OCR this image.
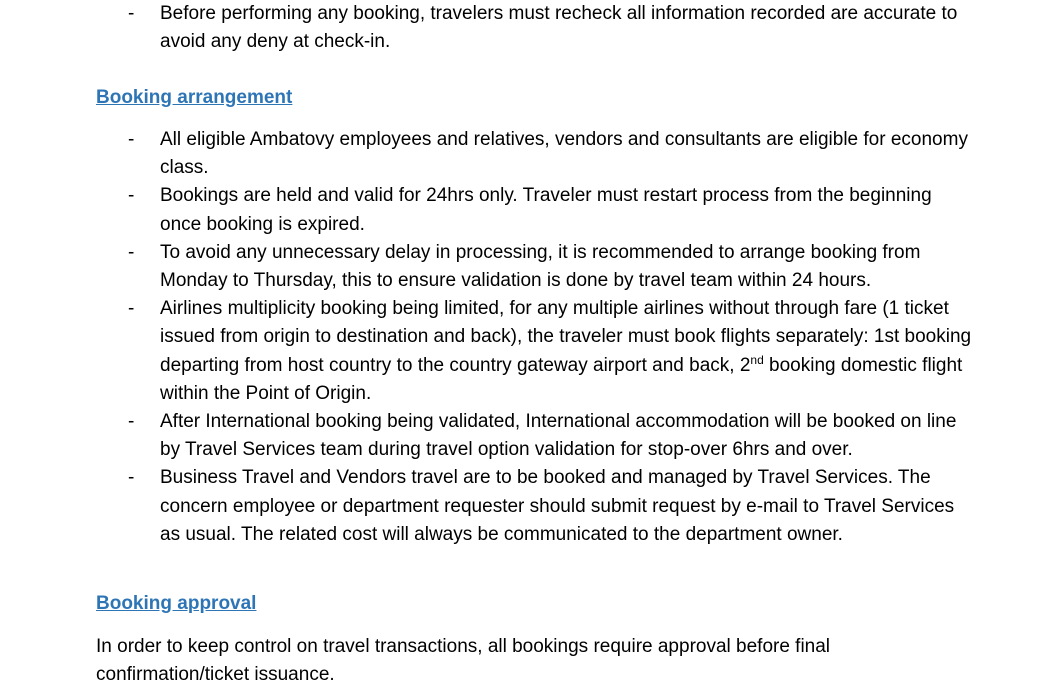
- Before performing any booking, travelers must recheck all information recorded are accurate to avoid any deny at check-in.
Booking arrangement
- All eligible Ambatovy employees and relatives, vendors and consultants are eligible for economy class.
- Bookings are held and valid for 24hrs only. Traveler must restart process from the beginning once booking is expired.
- To avoid any unnecessary delay in processing, it is recommended to arrange booking from Monday to Thursday, this to ensure validation is done by travel team within 24 hours.
- Airlines multiplicity booking being limited, for any multiple airlines without through fare (1 ticket issued from origin to destination and back), the traveler must book flights separately: 1st booking departing from host country to the country gateway airport and back, 2nd booking domestic flight within the Point of Origin.
- After International booking being validated, International accommodation will be booked on line by Travel Services team during travel option validation for stop-over 6hrs and over.
- Business Travel and Vendors travel are to be booked and managed by Travel Services. The concern employee or department requester should submit request by e-mail to Travel Services as usual. The related cost will always be communicated to the department owner.
Booking approval

In order to keep control on travel transactions, all bookings require approval before final confirmation/ticket issuance.
